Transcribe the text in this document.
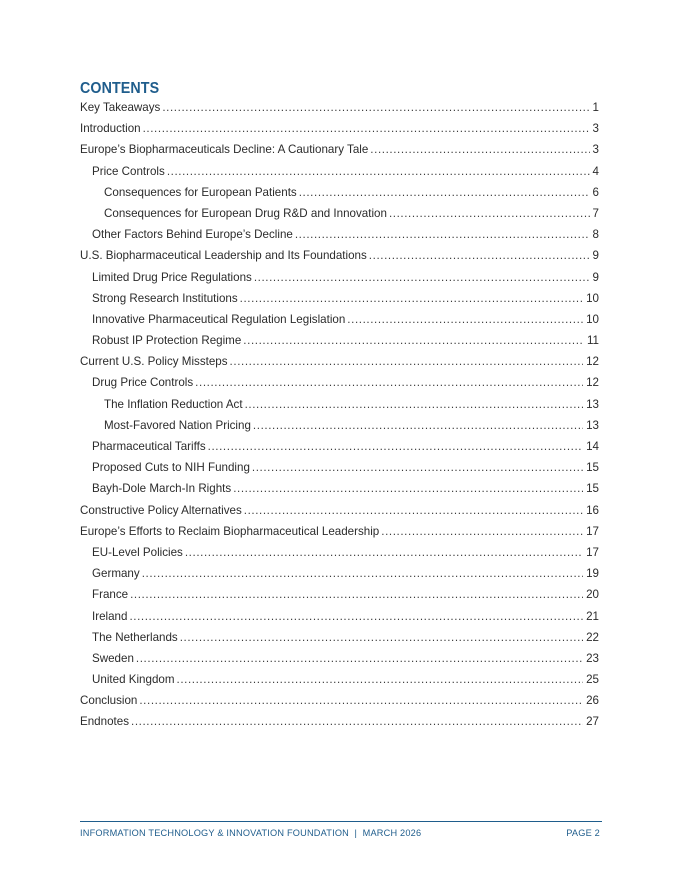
CONTENTS
Key Takeaways .....	1
Introduction .....	3
Europe’s Biopharmaceuticals Decline: A Cautionary Tale .....	3
Price Controls .....	4
Consequences for European Patients .....	6
Consequences for European Drug R&D and Innovation .....	7
Other Factors Behind Europe’s Decline .....	8
U.S. Biopharmaceutical Leadership and Its Foundations .....	9
Limited Drug Price Regulations .....	9
Strong Research Institutions .....	10
Innovative Pharmaceutical Regulation Legislation .....	10
Robust IP Protection Regime .....	11
Current U.S. Policy Missteps .....	12
Drug Price Controls .....	12
The Inflation Reduction Act .....	13
Most-Favored Nation Pricing .....	13
Pharmaceutical Tariffs .....	14
Proposed Cuts to NIH Funding .....	15
Bayh-Dole March-In Rights .....	15
Constructive Policy Alternatives .....	16
Europe’s Efforts to Reclaim Biopharmaceutical Leadership .....	17
EU-Level Policies .....	17
Germany .....	19
France .....	20
Ireland .....	21
The Netherlands .....	22
Sweden .....	23
United Kingdom .....	25
Conclusion .....	26
Endnotes .....	27
INFORMATION TECHNOLOGY & INNOVATION FOUNDATION  |  MARCH 2026	PAGE 2
